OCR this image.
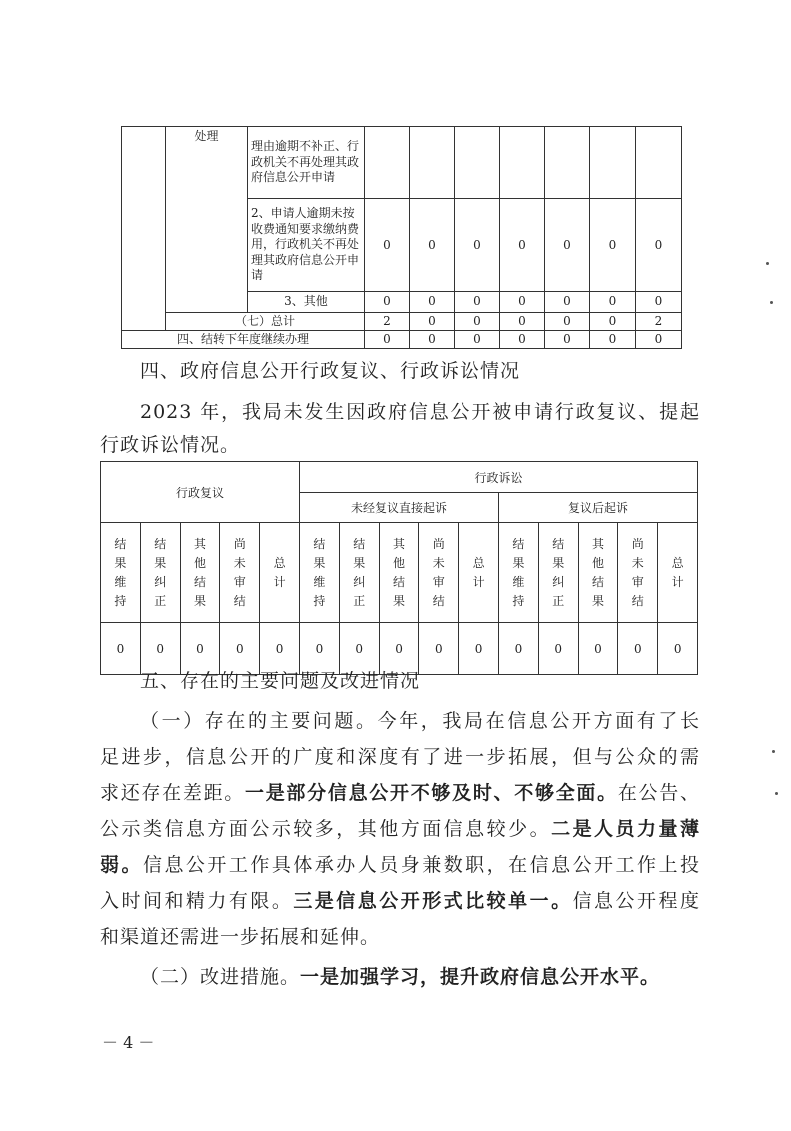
	处理	理由逾期不补正、行政机关不再处理其政府信息公开申请							
		2、申请人逾期未按收费通知要求缴纳费用，行政机关不再处理其政府信息公开申请	0	0	0	0	0	0	0
		3、其他	0	0	0	0	0	0	0
	（七）总计		2	0	0	0	0	0	2
四、结转下年度继续办理			0	0	0	0	0	0	0
四、政府信息公开行政复议、行政诉讼情况
2023 年，我局未发生因政府信息公开被申请行政复议、提起
行政诉讼情况。
行政复议					行政诉讼									
					未经复议直接起诉					复议后起诉				
结果维持	结果纠正	其他结果	尚未审结	总计	结果维持	结果纠正	其他结果	尚未审结	总计	结果维持	结果纠正	其他结果	尚未审结	总计
0	0	0	0	0	0	0	0	0	0	0	0	0	0	0
五、存在的主要问题及改进情况
（一）存在的主要问题。今年，我局在信息公开方面有了长
足进步，信息公开的广度和深度有了进一步拓展，但与公众的需
求还存在差距。一是部分信息公开不够及时、不够全面。在公告、
公示类信息方面公示较多，其他方面信息较少。二是人员力量薄
弱。信息公开工作具体承办人员身兼数职，在信息公开工作上投
入时间和精力有限。三是信息公开形式比较单一。信息公开程度
和渠道还需进一步拓展和延伸。
（二）改进措施。一是加强学习，提升政府信息公开水平。
－ 4 －
